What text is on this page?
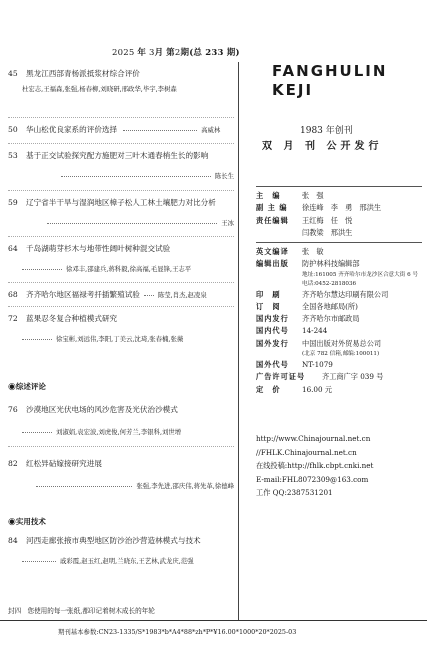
2025 年 3月 第2期(总 233 期)
45 黑龙江西部青杨派抵浆材综合评价
杜宏志,王福森,张强,杨春柳,刘晓研,邢政华,毕宇,李树森
50 华山松优良家系的评价选择	高威林
53 基于正交试验探究配方施肥对三叶木通春梢生长的影响
陈长生
59 辽宁省半干旱与湿润地区樟子松人工林土壤肥力对比分析
王冰
64 千岛湖萌芽杉木与地带性阔叶树种混交试验
徐邓丰,邵建兵,蒋科毅,徐高福,毛显锋,王志平
68 齐齐哈尔地区福禄考扦插繁殖试验	陈莹,肖杰,赵凌泉
72 蓝果忍冬复合种植模式研究
徐宝彬,刘远伟,李阳,丁美云,沈琦,张春楠,张薇
◉综述评论
76 沙漠地区光伏电场的风沙危害及光伏治沙模式
刘淑娟,袁宏波,刘虎俊,何芳兰,李银科,刘世增
82 红松异砧嫁接研究进展
张强,李先进,邵庆伟,蒋先革,徐德峰
◉实用技术
84 河西走廊张掖市典型地区防沙治沙营造林模式与技术
戚彩霞,赵玉红,赵明,兰晓东,王艺林,武龙庆,范强
封四 您使用的每一张纸,都印记着树木成长的年轮
FANGHULIN
KEJI
1983 年创刊
双 月 刊 公开发行
主　编	张　强
副 主 编	徐连峰　李　勇　邢洪生
责任编辑	王红梅　任　悦
闫教梁　邢洪生
英文编译	张　敏
编辑出版	防护林科技编辑部
地址:161005 齐齐哈尔市龙沙区合意大街 6 号
电话:0452-2818036
印　刷	齐齐哈尔慧达印刷有限公司
订　阅	全国各地邮局(所)
国内发行	齐齐哈尔市邮政局
国内代号	14-244
国外发行	中国出版对外贸易总公司
(北京 782 信箱,邮编:100011)
国外代号	NT-1079
广告许可证号	齐工商广字 039 号
定　价	16.00 元
http://www.Chinajournal.net.cn
//FHLK.Chinajournal.net.cn
在线投稿:http://fhlk.cbpt.cnki.net
E-mail:FHL8072309@163.com
工作 QQ:2387531201
期刊基本参数:CN23-1335/S*1983*b*A4*88*zh*P*¥16.00*1000*20*2025-03
